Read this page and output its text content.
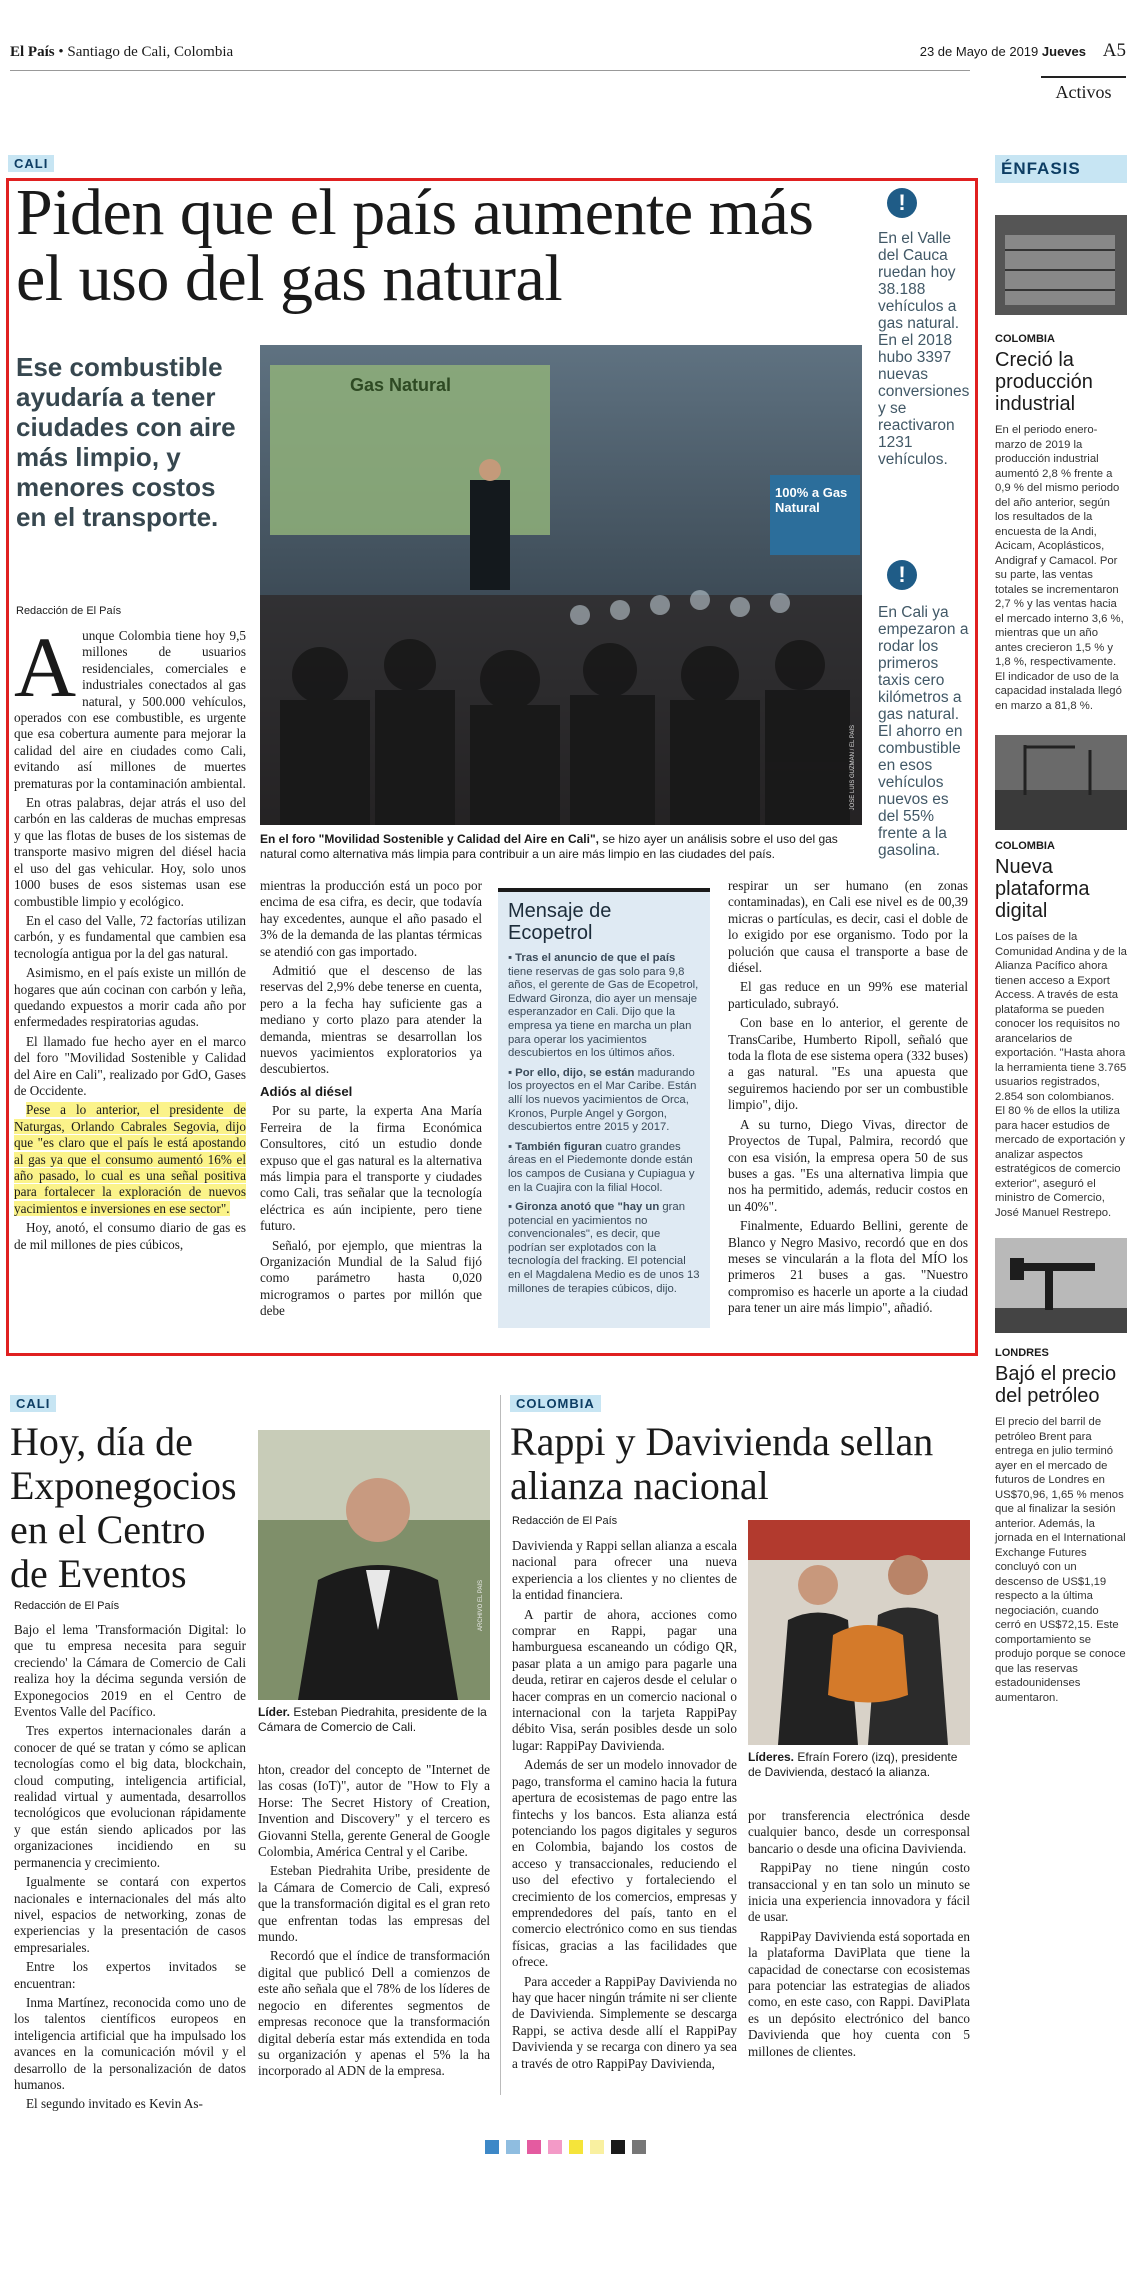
El País • Santiago de Cali, Colombia	23 de Mayo de 2019 Jueves A5
Activos
CALI
Piden que el país aumente más el uso del gas natural
Ese combustible ayudaría a tener ciudades con aire más limpio, y menores costos en el transporte.
Redacción de El País
Gas Natural
100% a Gas Natural
JOSÉ LUIS GUZMÁN / EL PAÍS
En el foro "Movilidad Sostenible y Calidad del Aire en Cali", se hizo ayer un análisis sobre el uso del gas natural como alternativa más limpia para contribuir a un aire más limpio en las ciudades del país.
!
En el Valle del Cauca ruedan hoy 38.188 vehículos a gas natural. En el 2018 hubo 3397 nuevas conversiones y se reactivaron 1231 vehículos.
!
En Cali ya empezaron a rodar los primeros taxis cero kilómetros a gas natural. El ahorro en combustible en esos vehículos nuevos es del 55% frente a la gasolina.
A unque Colombia tiene hoy 9,5 millones de usuarios residenciales, comerciales e industriales conectados al gas natural, y 500.000 vehículos, operados con ese combustible, es urgente que esa cobertura aumente para mejorar la calidad del aire en ciudades como Cali, evitando así millones de muertes prematuras por la contaminación ambiental.

En otras palabras, dejar atrás el uso del carbón en las calderas de muchas empresas y que las flotas de buses de los sistemas de transporte masivo migren del diésel hacia el uso del gas vehicular. Hoy, solo unos 1000 buses de esos sistemas usan ese combustible limpio y ecológico.

En el caso del Valle, 72 factorías utilizan carbón, y es fundamental que cambien esa tecnología antigua por la del gas natural.

Asimismo, en el país existe un millón de hogares que aún cocinan con carbón y leña, quedando expuestos a morir cada año por enfermedades respiratorias agudas.

El llamado fue hecho ayer en el marco del foro "Movilidad Sostenible y Calidad del Aire en Cali", realizado por GdO, Gases de Occidente.

Pese a lo anterior, el presidente de Naturgas, Orlando Cabrales Segovia, dijo que "es claro que el país le está apostando al gas ya que el consumo aumentó 16% el año pasado, lo cual es una señal positiva para fortalecer la exploración de nuevos yacimientos e inversiones en ese sector".

Hoy, anotó, el consumo diario de gas es de mil millones de pies cúbicos,

mientras la producción está un poco por encima de esa cifra, es decir, que todavía hay excedentes, aunque el año pasado el 3% de la demanda de las plantas térmicas se atendió con gas importado.

Admitió que el descenso de las reservas del 2,9% debe tenerse en cuenta, pero a la fecha hay suficiente gas a mediano y corto plazo para atender la demanda, mientras se desarrollan los nuevos yacimientos exploratorios ya descubiertos.

Adiós al diésel

Por su parte, la experta Ana María Ferreira de la firma Económica Consultores, citó un estudio donde expuso que el gas natural es la alternativa más limpia para el transporte y ciudades como Cali, tras señalar que la tecnología eléctrica es aún incipiente, pero tiene futuro.

Señaló, por ejemplo, que mientras la Organización Mundial de la Salud fijó como parámetro hasta 0,020 microgramos o partes por millón que debe

Mensaje de Ecopetrol
▪ Tras el anuncio de que el país tiene reservas de gas solo para 9,8 años, el gerente de Gas de Ecopetrol, Edward Gironza, dio ayer un mensaje esperanzador en Cali. Dijo que la empresa ya tiene en marcha un plan para operar los yacimientos descubiertos en los últimos años.
▪ Por ello, dijo, se están madurando los proyectos en el Mar Caribe. Están allí los nuevos yacimientos de Orca, Kronos, Purple Angel y Gorgon, descubiertos entre 2015 y 2017.
▪ También figuran cuatro grandes áreas en el Piedemonte donde están los campos de Cusiana y Cupiagua y en la Cuajira con la filial Hocol.
▪ Gironza anotó que "hay un gran potencial en yacimientos no convencionales", es decir, que podrían ser explotados con la tecnología del fracking. El potencial en el Magdalena Medio es de unos 13 millones de terapies cúbicos, dijo.

respirar un ser humano (en zonas contaminadas), en Cali ese nivel es de 00,39 micras o partículas, es decir, casi el doble de lo exigido por ese organismo. Todo por la polución que causa el transporte a base de diésel.

El gas reduce en un 99% ese material particulado, subrayó.

Con base en lo anterior, el gerente de TransCaribe, Humberto Ripoll, señaló que toda la flota de ese sistema opera (332 buses) a gas natural. "Es una apuesta que seguiremos haciendo por ser un combustible limpio", dijo.

A su turno, Diego Vivas, director de Proyectos de Tupal, Palmira, recordó que con esa visión, la empresa opera 50 de sus buses a gas. "Es una alternativa limpia que nos ha permitido, además, reducir costos en un 40%".

Finalmente, Eduardo Bellini, gerente de Blanco y Negro Masivo, recordó que en dos meses se vincularán a la flota del MÍO los primeros 21 buses a gas. "Nuestro compromiso es hacerle un aporte a la ciudad para tener un aire más limpio", añadió.

ÉNFASIS
COLOMBIA
Creció la producción industrial
En el periodo enero-marzo de 2019 la producción industrial aumentó 2,8 % frente a 0,9 % del mismo periodo del año anterior, según los resultados de la encuesta de la Andi, Acicam, Acoplásticos, Andigraf y Camacol. Por su parte, las ventas totales se incrementaron 2,7 % y las ventas hacia el mercado interno 3,6 %, mientras que un año antes crecieron 1,5 % y 1,8 %, respectivamente. El indicador de uso de la capacidad instalada llegó en marzo a 81,8 %.
COLOMBIA
Nueva plataforma digital
Los países de la Comunidad Andina y de la Alianza Pacífico ahora tienen acceso a Export Access. A través de esta plataforma se pueden conocer los requisitos no arancelarios de exportación. "Hasta ahora la herramienta tiene 3.765 usuarios registrados, 2.854 son colombianos. El 80 % de ellos la utiliza para hacer estudios de mercado de exportación y analizar aspectos estratégicos de comercio exterior", aseguró el ministro de Comercio, José Manuel Restrepo.
LONDRES
Bajó el precio del petróleo
El precio del barril de petróleo Brent para entrega en julio terminó ayer en el mercado de futuros de Londres en US$70,96, 1,65 % menos que al finalizar la sesión anterior. Además, la jornada en el International Exchange Futures concluyó con un descenso de US$1,19 respecto a la última negociación, cuando cerró en US$72,15. Este comportamiento se produjo porque se conoce que las reservas estadounidenses aumentaron.
CALI
Hoy, día de Exponegocios en el Centro de Eventos
Redacción de El País	ARCHIVO EL PAÍS
Líder. Esteban Piedrahita, presidente de la Cámara de Comercio de Cali.

Bajo el lema 'Transformación Digital: lo que tu empresa necesita para seguir creciendo' la Cámara de Comercio de Cali realiza hoy la décima segunda versión de Exponegocios 2019 en el Centro de Eventos Valle del Pacífico.

Tres expertos internacionales darán a conocer de qué se tratan y cómo se aplican tecnologías como el big data, blockchain, cloud computing, inteligencia artificial, realidad virtual y aumentada, desarrollos tecnológicos que evolucionan rápidamente y que están siendo aplicados por las organizaciones incidiendo en su permanencia y crecimiento.

Igualmente se contará con expertos nacionales e internacionales del más alto nivel, espacios de networking, zonas de experiencias y la presentación de casos empresariales.

Entre los expertos invitados se encuentran:

Inma Martínez, reconocida como uno de los talentos científicos europeos en inteligencia artificial que ha impulsado los avances en la comunicación móvil y el desarrollo de la personalización de datos humanos.

El segundo invitado es Kevin As-

hton, creador del concepto de "Internet de las cosas (IoT)", autor de "How to Fly a Horse: The Secret History of Creation, Invention and Discovery" y el tercero es Giovanni Stella, gerente General de Google Colombia, América Central y el Caribe.

Esteban Piedrahita Uribe, presidente de la Cámara de Comercio de Cali, expresó que la transformación digital es el gran reto que enfrentan todas las empresas del mundo.

Recordó que el índice de transformación digital que publicó Dell a comienzos de este año señala que el 78% de los líderes de negocio en diferentes segmentos de empresas reconoce que la transformación digital debería estar más extendida en toda su organización y apenas el 5% la ha incorporado al ADN de la empresa.

COLOMBIA
Rappi y Davivienda sellan alianza nacional
Redacción de El País
Líderes. Efraín Forero (izq), presidente de Davivienda, destacó la alianza.

Davivienda y Rappi sellan alianza a escala nacional para ofrecer una nueva experiencia a los clientes y no clientes de la entidad financiera.

A partir de ahora, acciones como comprar en Rappi, pagar una hamburguesa escaneando un código QR, pasar plata a un amigo para pagarle una deuda, retirar en cajeros desde el celular o hacer compras en un comercio nacional o internacional con la tarjeta RappiPay débito Visa, serán posibles desde un solo lugar: RappiPay Davivienda.

Además de ser un modelo innovador de pago, transforma el camino hacia la futura apertura de ecosistemas de pago entre las fintechs y los bancos. Esta alianza está potenciando los pagos digitales y seguros en Colombia, bajando los costos de acceso y transaccionales, reduciendo el uso del efectivo y fortaleciendo el crecimiento de los comercios, empresas y emprendedores del país, tanto en el comercio electrónico como en sus tiendas físicas, gracias a las facilidades que ofrece.

Para acceder a RappiPay Davivienda no hay que hacer ningún trámite ni ser cliente de Davivienda. Simplemente se descarga Rappi, se activa desde allí el RappiPay Davivienda y se recarga con dinero ya sea a través de otro RappiPay Davivienda,

por transferencia electrónica desde cualquier banco, desde un corresponsal bancario o desde una oficina Davivienda.

RappiPay no tiene ningún costo transaccional y en tan solo un minuto se inicia una experiencia innovadora y fácil de usar.

RappiPay Davivienda está soportada en la plataforma DaviPlata que tiene la capacidad de conectarse con ecosistemas para potenciar las estrategias de aliados como, en este caso, con Rappi. DaviPlata es un depósito electrónico del banco Davivienda que hoy cuenta con 5 millones de clientes.
